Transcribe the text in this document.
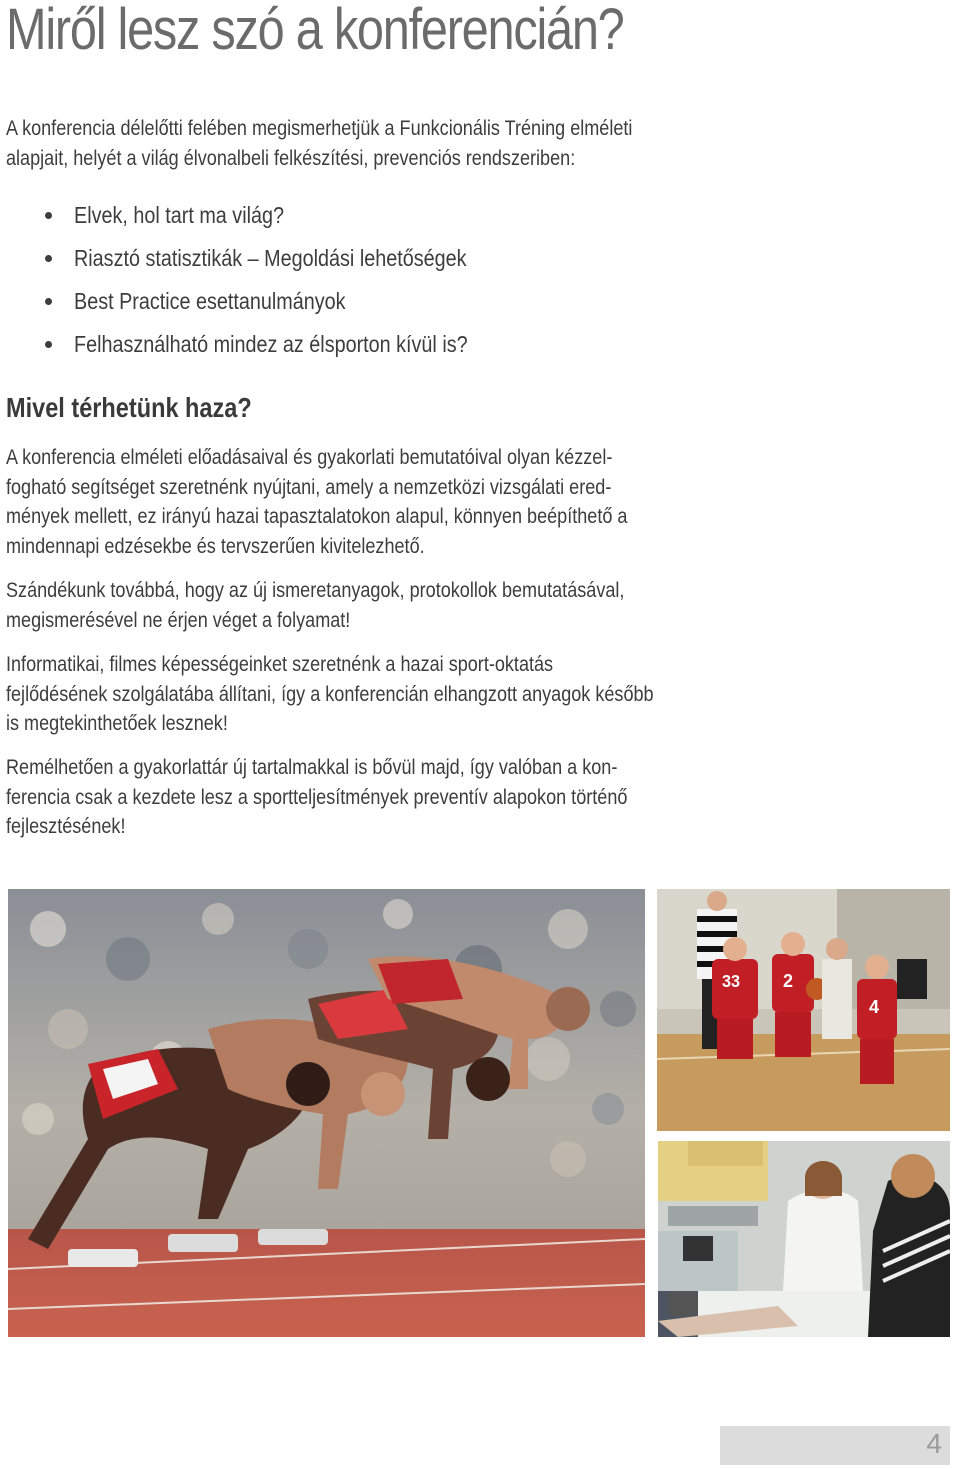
Miről lesz szó a konferencián?

A konferencia délelőtti felében megismerhetjük a Funkcionális Tréning elméleti
alapjait, helyét a világ élvonalbeli felkészítési, prevenciós rendszeriben:

Elvek, hol tart ma világ?
Riasztó statisztikák – Megoldási lehetőségek
Best Practice esettanulmányok
Felhasználható mindez az élsporton kívül is?
Mivel térhetünk haza?

A konferencia elméleti előadásaival és gyakorlati bemutatóival olyan kézzel-
fogható segítséget szeretnénk nyújtani, amely a nemzetközi vizsgálati ered-
mények mellett, ez irányú hazai tapasztalatokon alapul, könnyen beépíthető a
mindennapi edzésekbe és tervszerűen kivitelezhető.

Szándékunk továbbá, hogy az új ismeretanyagok, protokollok bemutatásával,
megismerésével ne érjen véget a folyamat!

Informatikai, filmes képességeinket szeretnénk a hazai sport-oktatás
fejlődésének szolgálatába állítani, így a konferencián elhangzott anyagok később
is megtekinthetőek lesznek!

Remélhetően a gyakorlattár új tartalmakkal is bővül majd, így valóban a kon-
ferencia csak a kezdete lesz a sportteljesítmények preventív alapokon történő
fejlesztésének!

33 2
4
4
